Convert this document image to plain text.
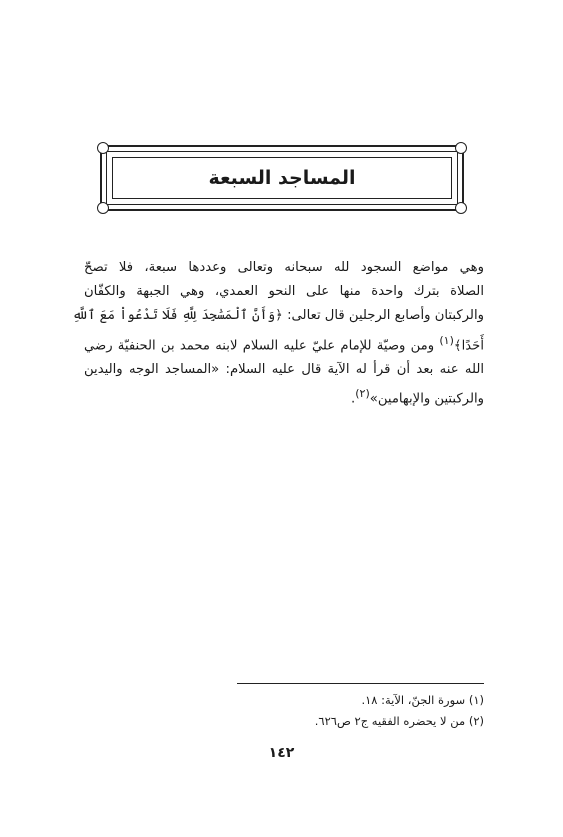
المساجد السبعة
وهي مواضع السجود لله سبحانه وتعالى وعددها سبعة، فلا تصحّ
الصلاة بترك واحدة منها على النحو العمدي، وهي الجبهة والكفّان
والركبتان وأصابع الرجلين قال تعالى: ﴿وَأَنَّ ٱلْمَسَٰجِدَ لِلَّهِ فَلَا تَدْعُواْ مَعَ ٱللَّهِ
أَحَدًا﴾$^{(١)}$ ومن وصيّة للإمام عليّ عليه السلام لابنه محمد بن الحنفيّة رضي
الله عنه بعد أن قرأ له الآية قال عليه السلام: «المساجد الوجه واليدين
والركبتين والإبهامين»$^{(٢)}$.
(١) سورة الجنّ، الآية: ١٨.
(٢) من لا يحضره الفقيه ج٢ ص٦٢٦.
١٤٢
